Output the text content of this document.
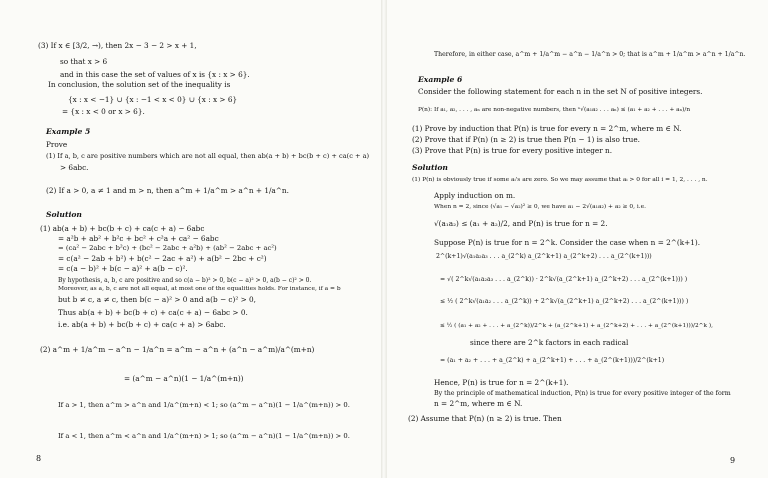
(3) If x ∈ [3/2, →), then 2x − 3 − 2 > x + 1,
so that x > 6
and in this case the set of values of x is {x : x > 6}.
In conclusion, the solution set of the inequality is
{x : x < −1} ∪ {x : −1 < x < 0} ∪ {x : x > 6}
= {x : x < 0 or x > 6}.
Example 5
Prove
(1) If a, b, c are positive numbers which are not all equal, then ab(a + b) + bc(b + c) + ca(c + a)
> 6abc.
(2) If a > 0, a ≠ 1 and m > n, then a^m + 1/a^m > a^n + 1/a^n.
Solution
(1) ab(a + b) + bc(b + c) + ca(c + a) − 6abc
= a²b + ab² + b²c + bc² + c²a + ca² − 6abc
= (ca² − 2abc + b²c) + (bc² − 2abc + a²b) + (ab² − 2abc + ac²)
= c(a² − 2ab + b²) + b(c² − 2ac + a²) + a(b² − 2bc + c²)
= c(a − b)² + b(c − a)² + a(b − c)².
By hypothesis, a, b, c are positive and so c(a − b)² > 0, b(c − a)² > 0, a(b − c)² > 0.
Moreover, as a, b, c are not all equal, at most one of the equalities holds. For instance, if a = b
but b ≠ c, a ≠ c, then b(c − a)² > 0 and a(b − c)² > 0,
Thus ab(a + b) + bc(b + c) + ca(c + a) − 6abc > 0.
i.e. ab(a + b) + bc(b + c) + ca(c + a) > 6abc.
(2) a^m + 1/a^m − a^n − 1/a^n = a^m − a^n + (a^n − a^m)/a^(m+n)
= (a^m − a^n)(1 − 1/a^(m+n))
If a > 1, then a^m > a^n and 1/a^(m+n) < 1; so (a^m − a^n)(1 − 1/a^(m+n)) > 0.
If a < 1, then a^m < a^n and 1/a^(m+n) > 1; so (a^m − a^n)(1 − 1/a^(m+n)) > 0.
8
Therefore, in either case, a^m + 1/a^m − a^n − 1/a^n > 0; that is a^m + 1/a^m > a^n + 1/a^n.
Example 6
Consider the following statement for each n in the set N of positive integers.
P(n): If a₁, a₂, . . . , aₙ are non-negative numbers, then ⁿ√(a₁a₂ . . . aₙ) ≤ (a₁ + a₂ + . . . + aₙ)/n
(1) Prove by induction that P(n) is true for every n = 2^m, where m ∈ N.
(2) Prove that if P(n) (n ≥ 2) is true then P(n − 1) is also true.
(3) Prove that P(n) is true for every positive integer n.
Solution
(1) P(n) is obviously true if some aᵢ's are zero. So we may assume that aᵢ > 0 for all i = 1, 2, . . . , n.
Apply induction on m.
When n = 2, since (√a₁ − √a₂)² ≥ 0, we have a₁ − 2√(a₁a₂) + a₂ ≥ 0, i.e.
√(a₁a₂) ≤ (a₁ + a₂)/2, and P(n) is true for n = 2.
Suppose P(n) is true for n = 2^k. Consider the case when n = 2^(k+1).
2^(k+1)√(a₁a₂a₃ . . . a_(2^k) a_(2^k+1) a_(2^k+2) . . . a_(2^(k+1)))
= √( 2^k√(a₁a₂a₃ . . . a_(2^k)) · 2^k√(a_(2^k+1) a_(2^k+2) . . . a_(2^(k+1))) )
≤ ½ ( 2^k√(a₁a₂ . . . a_(2^k)) + 2^k√(a_(2^k+1) a_(2^k+2) . . . a_(2^(k+1))) )
≤ ½ ( (a₁ + a₂ + . . . + a_(2^k))/2^k + (a_(2^k+1) + a_(2^k+2) + . . . + a_(2^(k+1)))/2^k ),
since there are 2^k factors in each radical
= (a₁ + a₂ + . . . + a_(2^k) + a_(2^k+1) + . . . + a_(2^(k+1)))/2^(k+1)
Hence, P(n) is true for n = 2^(k+1).
By the principle of mathematical induction, P(n) is true for every positive integer of the form
n = 2^m, where m ∈ N.
(2) Assume that P(n) (n ≥ 2) is true. Then
9
